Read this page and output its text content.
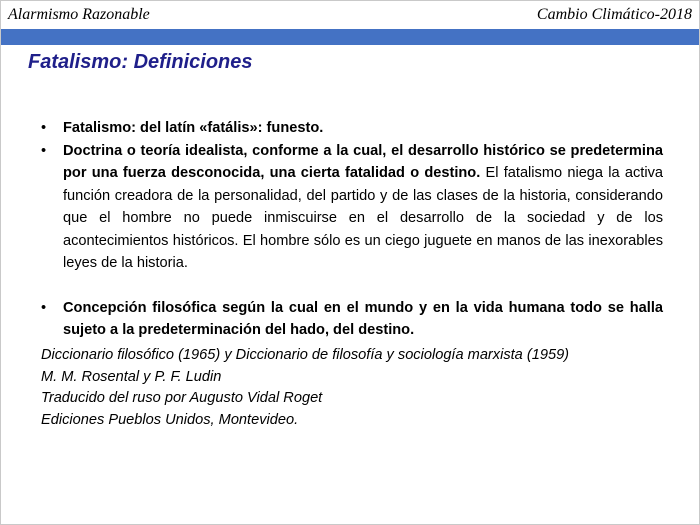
Alarmismo Razonable	Cambio Climático-2018
Fatalismo: Definiciones
• Fatalismo: del latín «fatális»: funesto.
• Doctrina o teoría idealista, conforme a la cual, el desarrollo histórico se predetermina por una fuerza desconocida, una cierta fatalidad o destino. El fatalismo niega la activa función creadora de la personalidad, del partido y de las clases de la historia, considerando que el hombre no puede inmiscuirse en el desarrollo de la sociedad y de los acontecimientos históricos. El hombre sólo es un ciego juguete en manos de las inexorables leyes de la historia.
• Concepción filosófica según la cual en el mundo y en la vida humana todo se halla sujeto a la predeterminación del hado, del destino.
Diccionario filosófico (1965) y Diccionario de filosofía y sociología marxista (1959)
M. M. Rosental y P. F. Ludin
Traducido del ruso por Augusto Vidal Roget
Ediciones Pueblos Unidos, Montevideo.
